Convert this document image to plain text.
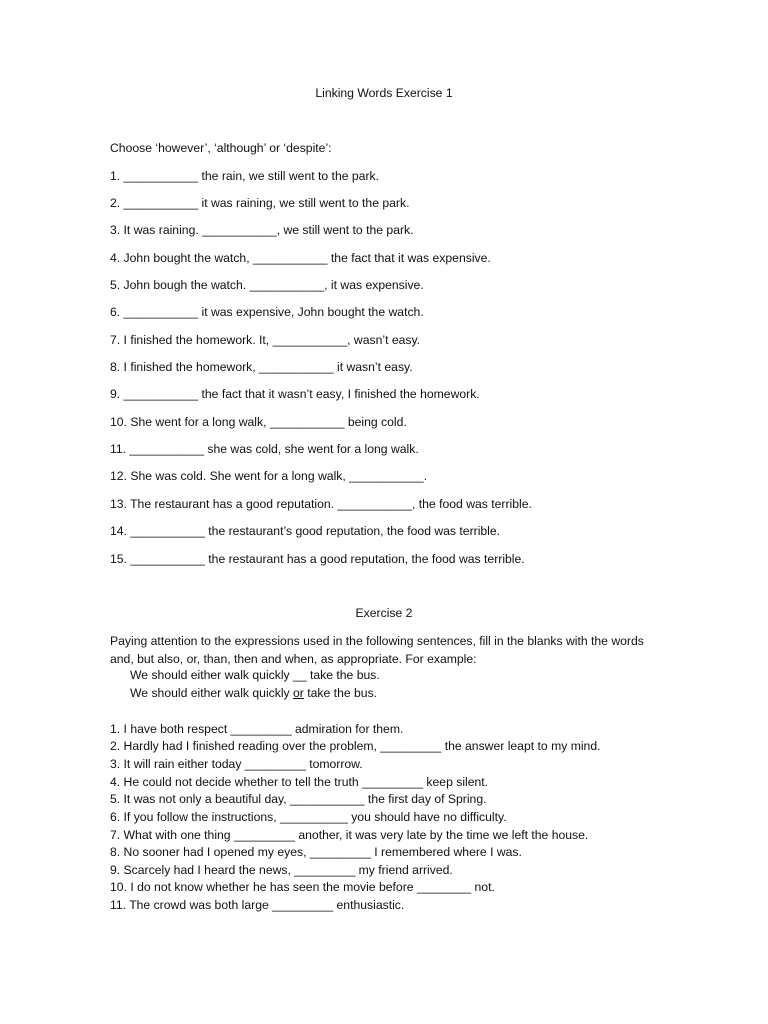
Linking Words Exercise 1
Choose ‘however’, ‘although’ or ‘despite’:
1. ___________ the rain, we still went to the park.
2. ___________ it was raining, we still went to the park.
3. It was raining. ___________, we still went to the park.
4. John bought the watch, ___________ the fact that it was expensive.
5. John bough the watch. ___________, it was expensive.
6. ___________ it was expensive, John bought the watch.
7. I finished the homework. It, ___________, wasn’t easy.
8. I finished the homework, ___________ it wasn’t easy.
9. ___________ the fact that it wasn’t easy, I finished the homework.
10. She went for a long walk, ___________ being cold.
11. ___________ she was cold, she went for a long walk.
12. She was cold. She went for a long walk, ___________.
13. The restaurant has a good reputation. ___________, the food was terrible.
14. ___________ the restaurant’s good reputation, the food was terrible.
15. ___________ the restaurant has a good reputation, the food was terrible.
Exercise 2
Paying attention to the expressions used in the following sentences, fill in the blanks with the words and, but also, or, than, then and when, as appropriate. For example:
We should either walk quickly __ take the bus.
We should either walk quickly or take the bus.
1. I have both respect _________ admiration for them.
2. Hardly had I finished reading over the problem, _________ the answer leapt to my mind.
3. It will rain either today _________ tomorrow.
4. He could not decide whether to tell the truth _________ keep silent.
5. It was not only a beautiful day, ___________ the first day of Spring.
6. If you follow the instructions, __________ you should have no difficulty.
7. What with one thing _________ another, it was very late by the time we left the house.
8. No sooner had I opened my eyes, _________ I remembered where I was.
9. Scarcely had I heard the news, _________ my friend arrived.
10. I do not know whether he has seen the movie before ________ not.
11. The crowd was both large _________ enthusiastic.
